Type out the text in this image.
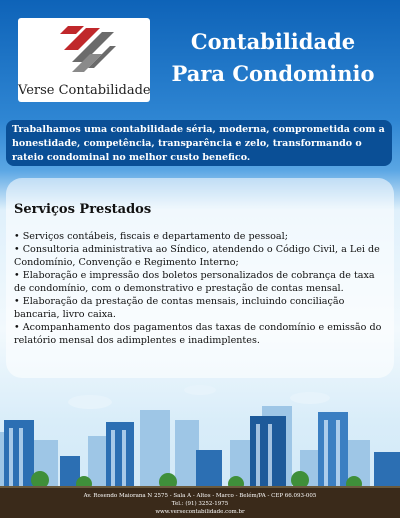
Verse Contabilidade
Contabilidade
Para Condominio
Trabalhamos uma contabilidade séria, moderna, comprometida com a honestidade, competência, transparência e zelo, transformando o rateio condominal no melhor custo benefico.
Serviços Prestados
• Serviços contábeis, fiscais e departamento de pessoal;
• Consultoria administrativa ao Síndico, atendendo o Código Civil, a Lei de Condomínio, Convenção e Regimento Interno;
• Elaboração e impressão dos boletos personalizados de cobrança de taxa de condomínio, com o demonstrativo e prestação de contas mensal.
• Elaboração da prestação de contas mensais, incluindo conciliação bancaria, livro caixa.
• Acompanhamento dos pagamentos das taxas de condomínio e emissão do relatório mensal dos adimplentes e inadimplentes.
Av. Rosendo Maiorana N 2575 - Sala A - Altos - Marco - Belém/PA - CEP 66.093-005
Tel.: (91) 3252-1975
www.versecontabilidade.com.br
